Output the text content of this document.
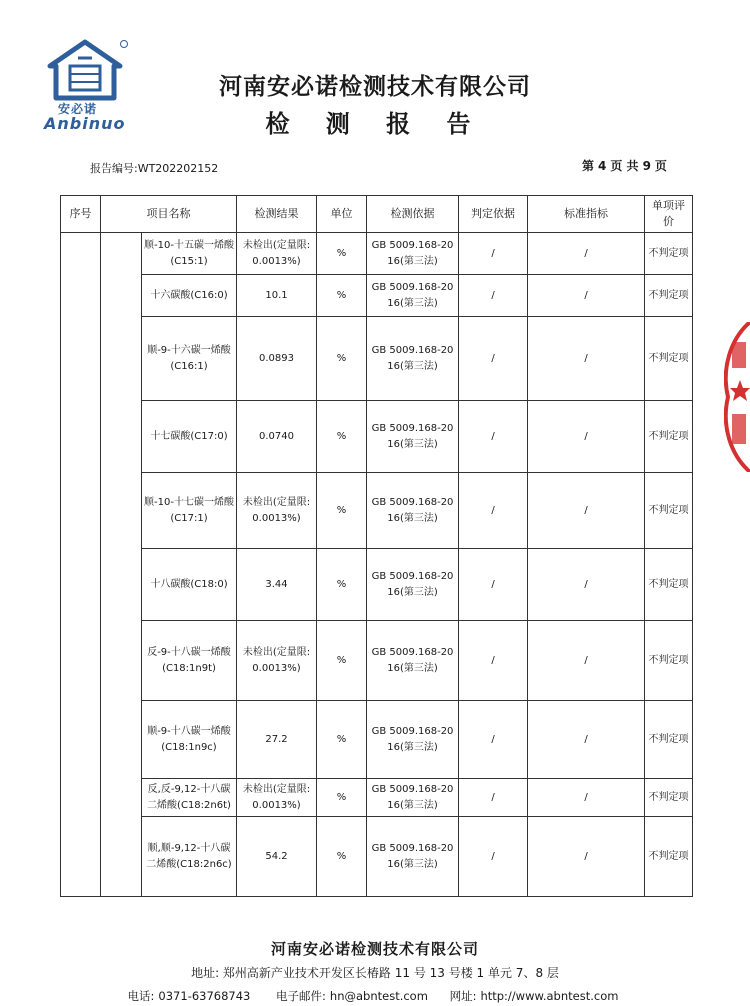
安必诺
Anbinuo
河南安必诺检测技术有限公司
检 测 报 告
报告编号:WT202202152	第 4 页 共 9 页
序号	项目名称		检测结果	单位	检测依据	判定依据	标准指标	单项评价
		顺-10-十五碳一烯酸(C15:1)	未检出(定量限:0.0013%)	%	GB 5009.168-2016(第三法)	/	/	不判定项
		十六碳酸(C16:0)	10.1	%	GB 5009.168-2016(第三法)	/	/	不判定项
		顺-9-十六碳一烯酸(C16:1)	0.0893	%	GB 5009.168-2016(第三法)	/	/	不判定项
		十七碳酸(C17:0)	0.0740	%	GB 5009.168-2016(第三法)	/	/	不判定项
		顺-10-十七碳一烯酸(C17:1)	未检出(定量限:0.0013%)	%	GB 5009.168-2016(第三法)	/	/	不判定项
		十八碳酸(C18:0)	3.44	%	GB 5009.168-2016(第三法)	/	/	不判定项
		反-9-十八碳一烯酸(C18:1n9t)	未检出(定量限:0.0013%)	%	GB 5009.168-2016(第三法)	/	/	不判定项
		顺-9-十八碳一烯酸(C18:1n9c)	27.2	%	GB 5009.168-2016(第三法)	/	/	不判定项
		反,反-9,12-十八碳二烯酸(C18:2n6t)	未检出(定量限:0.0013%)	%	GB 5009.168-2016(第三法)	/	/	不判定项
		顺,顺-9,12-十八碳二烯酸(C18:2n6c)	54.2	%	GB 5009.168-2016(第三法)	/	/	不判定项
河南安必诺检测技术有限公司
地址: 郑州高新产业技术开发区长椿路 11 号 13 号楼 1 单元 7、8 层
电话: 0371-63768743 电子邮件: hn@abntest.com 网址: http://www.abntest.com
